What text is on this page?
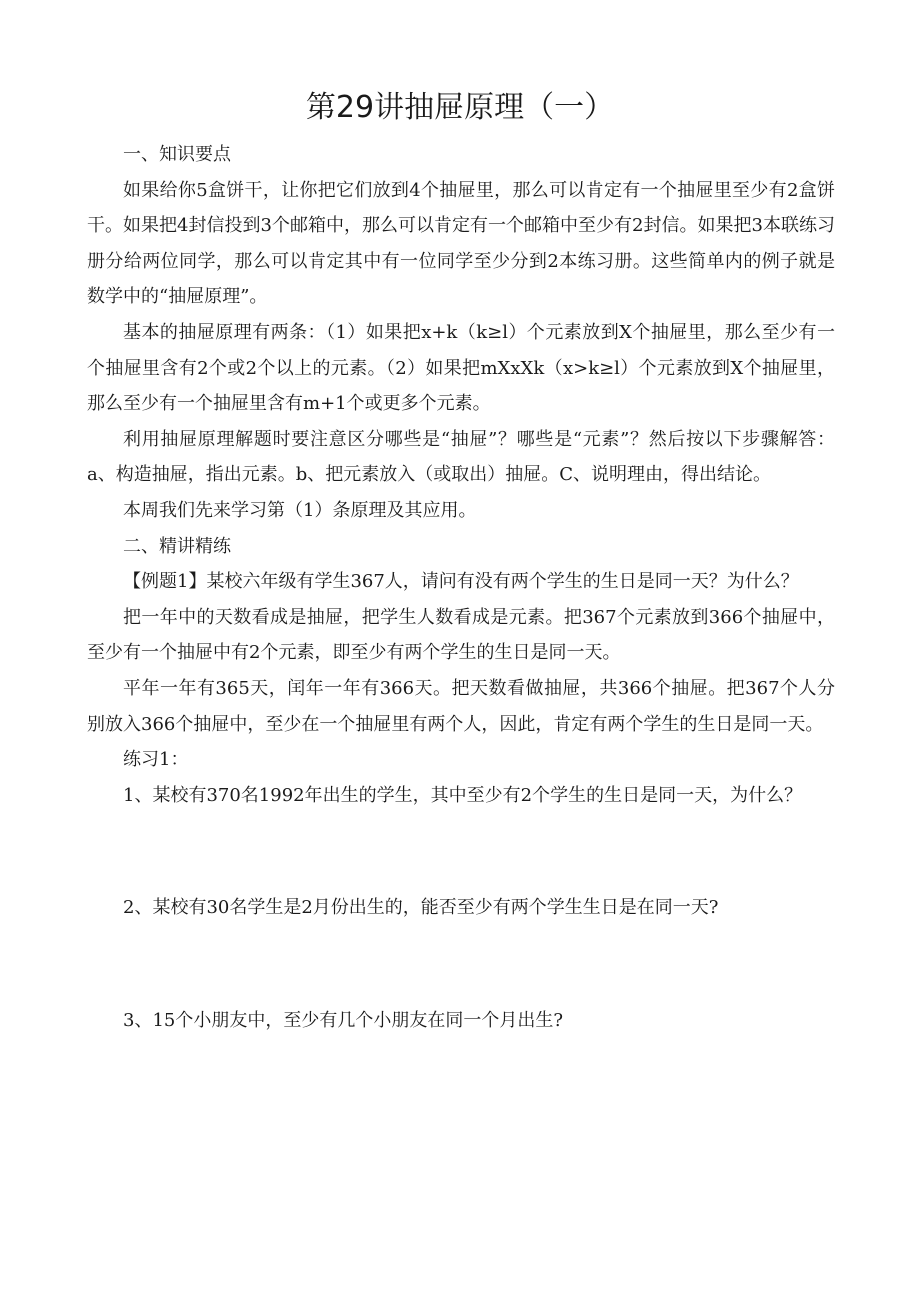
第29讲抽屉原理（一）

一、知识要点

如果给你5盒饼干，让你把它们放到4个抽屉里，那么可以肯定有一个抽屉里至少有2盒饼干。如果把4封信投到3个邮箱中，那么可以肯定有一个邮箱中至少有2封信。如果把3本联练习册分给两位同学，那么可以肯定其中有一位同学至少分到2本练习册。这些简单内的例子就是数学中的“抽屉原理”。

基本的抽屉原理有两条：（1）如果把x+k（k≥l）个元素放到X个抽屉里，那么至少有一个抽屉里含有2个或2个以上的元素。（2）如果把mXxXk（x>k≥l）个元素放到X个抽屉里，那么至少有一个抽屉里含有m+1个或更多个元素。

利用抽屉原理解题时要注意区分哪些是“抽屉”？哪些是“元素”？然后按以下步骤解答：a、构造抽屉，指出元素。b、把元素放入（或取出）抽屉。C、说明理由，得出结论。

本周我们先来学习第（1）条原理及其应用。

二、精讲精练

【例题1】某校六年级有学生367人，请问有没有两个学生的生日是同一天？为什么？

把一年中的天数看成是抽屉，把学生人数看成是元素。把367个元素放到366个抽屉中，至少有一个抽屉中有2个元素，即至少有两个学生的生日是同一天。

平年一年有365天，闰年一年有366天。把天数看做抽屉，共366个抽屉。把367个人分别放入366个抽屉中，至少在一个抽屉里有两个人，因此，肯定有两个学生的生日是同一天。

练习1：

1、某校有370名1992年出生的学生，其中至少有2个学生的生日是同一天，为什么？

2、某校有30名学生是2月份出生的，能否至少有两个学生生日是在同一天?

3、15个小朋友中，至少有几个小朋友在同一个月出生?
